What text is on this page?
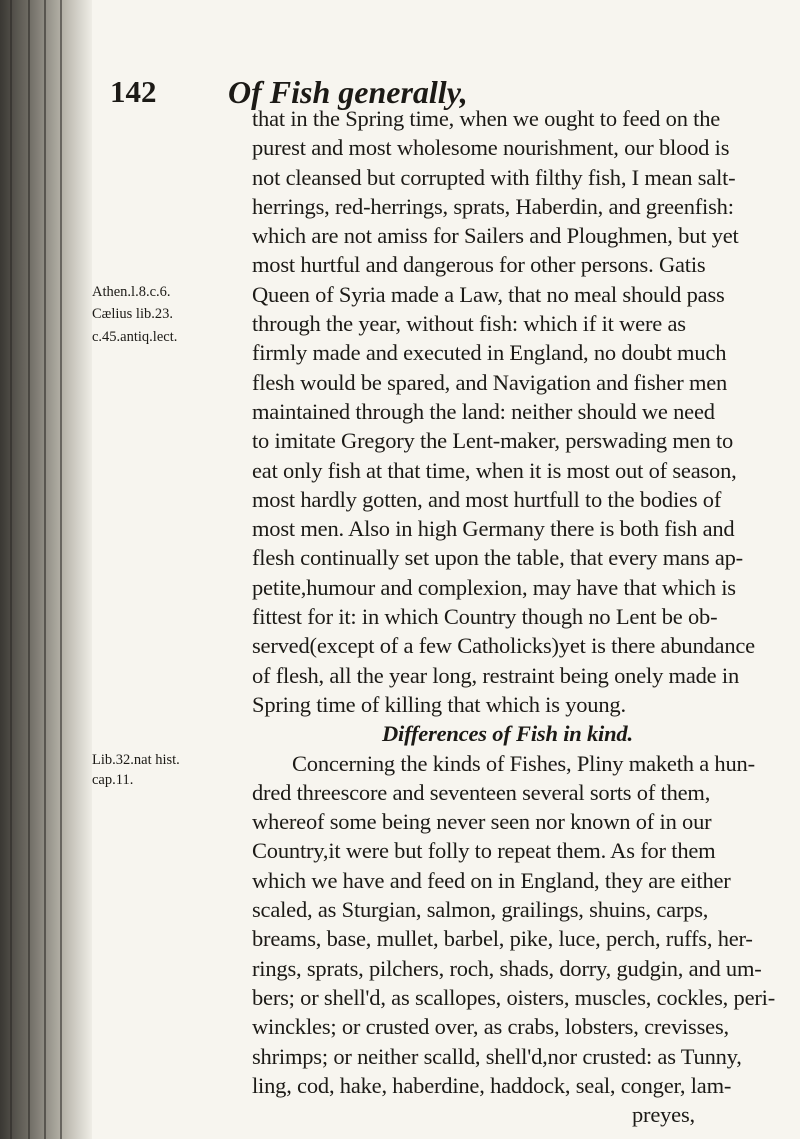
142 Of Fish generally,
Athen.l.8.c.6.
Cælius lib.23.
c.45.antiq.lect.
Lib.32.nat hist.
cap.11.
that in the Spring time, when we ought to feed on the
purest and most wholesome nourishment, our blood is
not cleansed but corrupted with filthy fish, I mean salt-
herrings, red-herrings, sprats, Haberdin, and greenfish:
which are not amiss for Sailers and Ploughmen, but yet
most hurtful and dangerous for other persons. Gatis
Queen of Syria made a Law, that no meal should pass
through the year, without fish: which if it were as
firmly made and executed in England, no doubt much
flesh would be spared, and Navigation and fisher men
maintained through the land: neither should we need
to imitate Gregory the Lent-maker, perswading men to
eat only fish at that time, when it is most out of season,
most hardly gotten, and most hurtfull to the bodies of
most men. Also in high Germany there is both fish and
flesh continually set upon the table, that every mans ap-
petite,humour and complexion, may have that which is
fittest for it: in which Country though no Lent be ob-
served(except of a few Catholicks)yet is there abundance
of flesh, all the year long, restraint being onely made in
Spring time of killing that which is young.
Differences of Fish in kind.
Concerning the kinds of Fishes, Pliny maketh a hun-
dred threescore and seventeen several sorts of them,
whereof some being never seen nor known of in our
Country,it were but folly to repeat them. As for them
which we have and feed on in England, they are either
scaled, as Sturgian, salmon, grailings, shuins, carps,
breams, base, mullet, barbel, pike, luce, perch, ruffs, her-
rings, sprats, pilchers, roch, shads, dorry, gudgin, and um-
bers; or shell'd, as scallopes, oisters, muscles, cockles, peri-
winckles; or crusted over, as crabs, lobsters, crevisses,
shrimps; or neither scalld, shell'd,nor crusted: as Tunny,
ling, cod, hake, haberdine, haddock, seal, conger, lam-
preyes,
